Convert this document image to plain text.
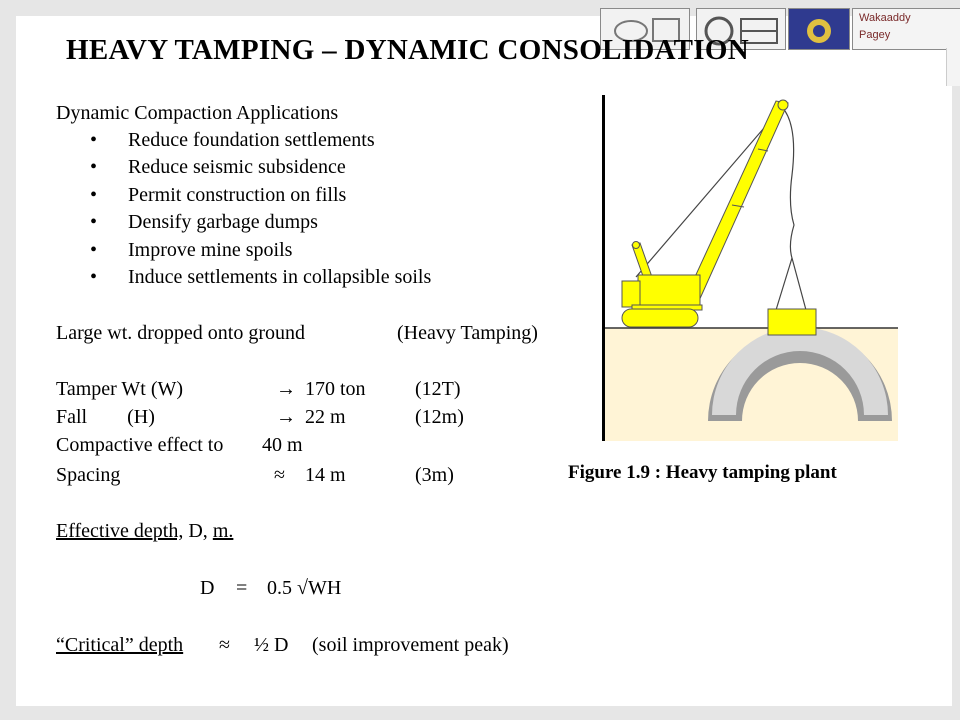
Wakaaddy
Pagey
HEAVY TAMPING – DYNAMIC CONSOLIDATION
Dynamic Compaction Applications
• Reduce foundation settlements
• Reduce seismic subsidence
• Permit construction on fills
• Densify garbage dumps
• Improve mine spoils
• Induce settlements in collapsible soils
Large wt. dropped onto ground	(Heavy Tamping)
Tamper Wt (W)	→ 170 ton (12T)
Fall        (H)	→ 22 m	(12m)
Compactive effect to 40 m
Spacing	≈ 14 m	(3m)
Effective depth, D, m.
D = 0.5 √WH
“Critical” depth ≈ ½ D (soil improvement peak)
Figure 1.9 : Heavy tamping plant
